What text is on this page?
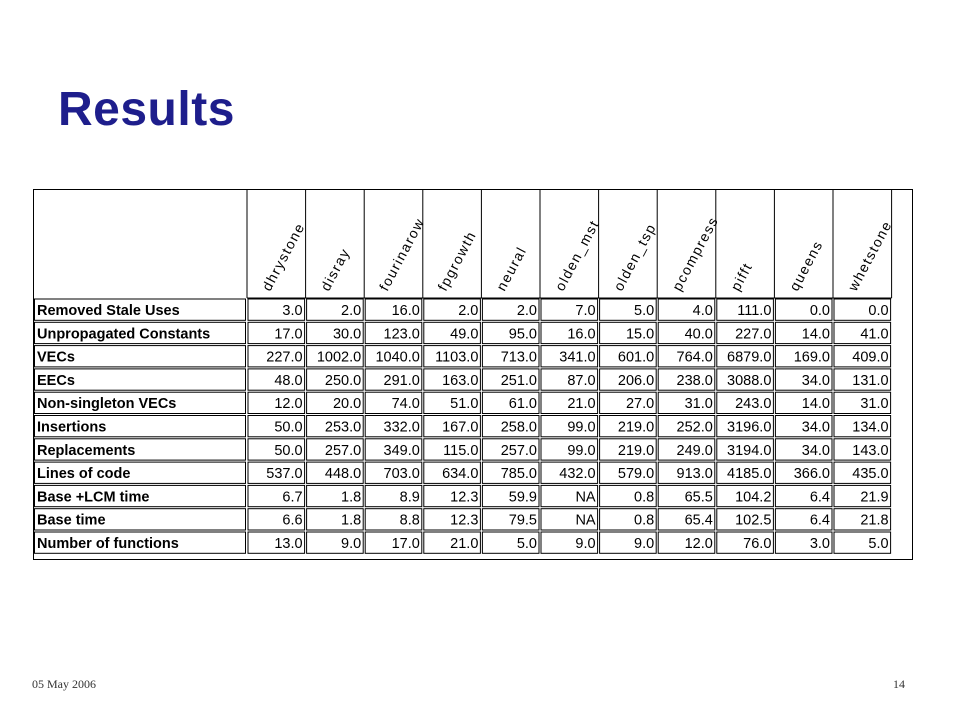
Results
dhrystone disray fourinarow fpgrowth neural olden_mst olden_tsp pcompress pifft queens whetstone
Removed Stale Uses	3.0	2.0 16.0	2.0	2.0	7.0	5.0	4.0 111.0	0.0	0.0
Unpropagated Constants	17.0 30.0 123.0 49.0 95.0 16.0 15.0 40.0 227.0 14.0 41.0
VECs	227.0 1002.0 1040.0 1103.0 713.0 341.0 601.0 764.0 6879.0 169.0 409.0
EECs	48.0 250.0 291.0 163.0 251.0 87.0 206.0 238.0 3088.0 34.0 131.0
Non-singleton VECs	12.0 20.0 74.0 51.0 61.0 21.0 27.0 31.0 243.0 14.0 31.0
Insertions	50.0 253.0 332.0 167.0 258.0 99.0 219.0 252.0 3196.0 34.0 134.0
Replacements	50.0 257.0 349.0 115.0 257.0 99.0 219.0 249.0 3194.0 34.0 143.0
Lines of code	537.0 448.0 703.0 634.0 785.0 432.0 579.0 913.0 4185.0 366.0 435.0
Base +LCM time	6.7	1.8	8.9 12.3 59.9	NA	0.8 65.5 104.2	6.4 21.9
Base time	6.6	1.8	8.8 12.3 79.5	NA	0.8 65.4 102.5	6.4 21.8
Number of functions	13.0	9.0 17.0 21.0	5.0	9.0	9.0 12.0 76.0	3.0	5.0
05 May 2006	14
